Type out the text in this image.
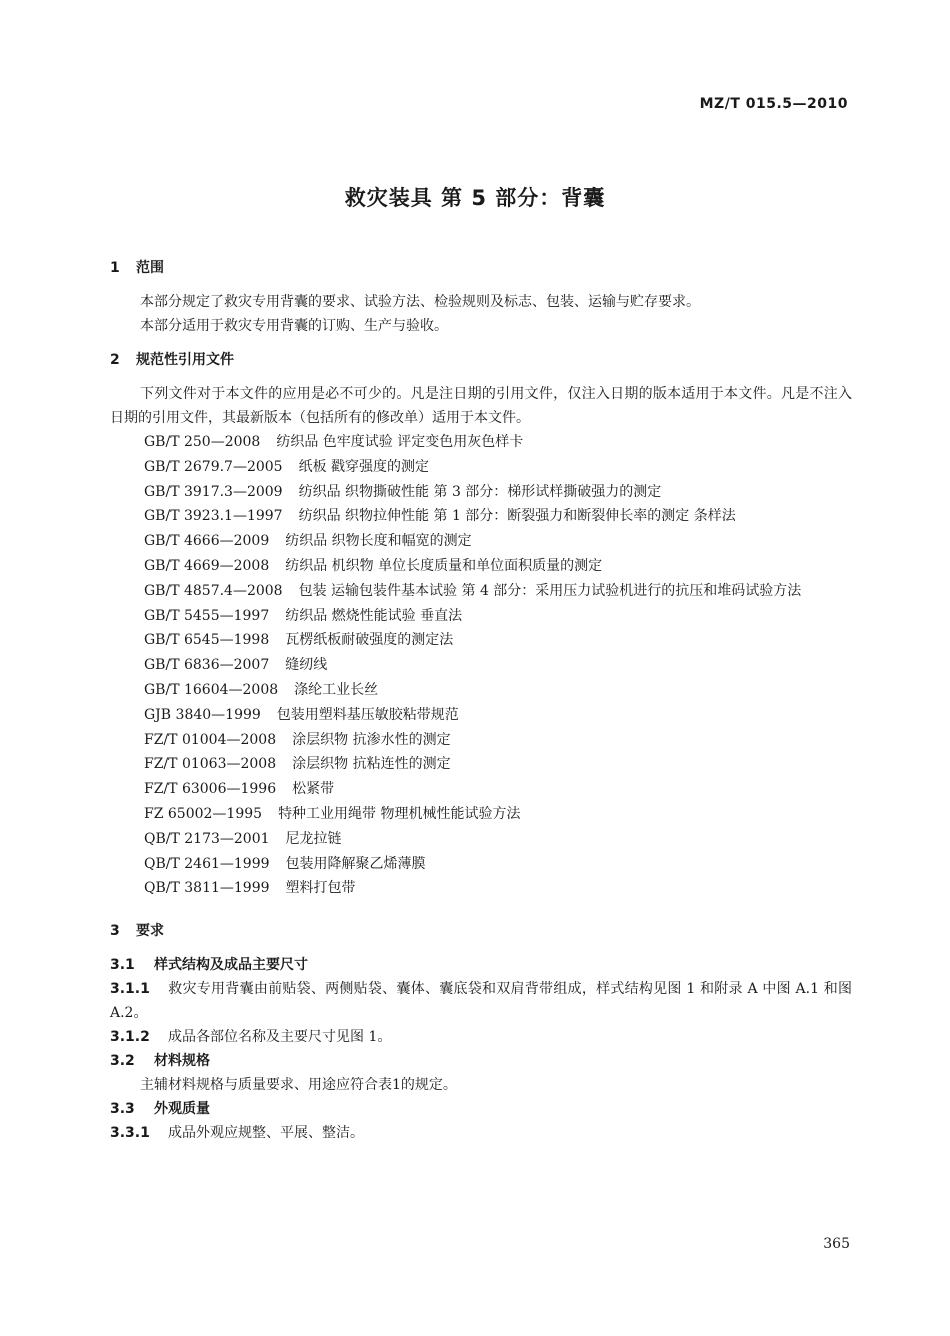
MZ/T 015.5—2010
救灾装具 第 5 部分：背囊

1 范围

本部分规定了救灾专用背囊的要求、试验方法、检验规则及标志、包装、运输与贮存要求。

本部分适用于救灾专用背囊的订购、生产与验收。

2 规范性引用文件

下列文件对于本文件的应用是必不可少的。凡是注日期的引用文件，仅注入日期的版本适用于本文件。凡是不注入日期的引用文件，其最新版本（包括所有的修改单）适用于本文件。

GB/T 250—2008 纺织品 色牢度试验 评定变色用灰色样卡

GB/T 2679.7—2005 纸板 戳穿强度的测定

GB/T 3917.3—2009 纺织品 织物撕破性能 第 3 部分：梯形试样撕破强力的测定

GB/T 3923.1—1997 纺织品 织物拉伸性能 第 1 部分：断裂强力和断裂伸长率的测定 条样法

GB/T 4666—2009 纺织品 织物长度和幅宽的测定

GB/T 4669—2008 纺织品 机织物 单位长度质量和单位面积质量的测定

GB/T 4857.4—2008 包装 运输包装件基本试验 第 4 部分：采用压力试验机进行的抗压和堆码试验方法

GB/T 5455—1997 纺织品 燃烧性能试验 垂直法

GB/T 6545—1998 瓦楞纸板耐破强度的测定法

GB/T 6836—2007 缝纫线

GB/T 16604—2008 涤纶工业长丝

GJB 3840—1999 包装用塑料基压敏胶粘带规范

FZ/T 01004—2008 涂层织物 抗渗水性的测定

FZ/T 01063—2008 涂层织物 抗粘连性的测定

FZ/T 63006—1996 松紧带

FZ 65002—1995 特种工业用绳带 物理机械性能试验方法

QB/T 2173—2001 尼龙拉链

QB/T 2461—1999 包装用降解聚乙烯薄膜

QB/T 3811—1999 塑料打包带

3 要求

3.1 样式结构及成品主要尺寸

3.1.1 救灾专用背囊由前贴袋、两侧贴袋、囊体、囊底袋和双肩背带组成，样式结构见图 1 和附录 A 中图 A.1 和图 A.2。

3.1.2 成品各部位名称及主要尺寸见图 1。

3.2 材料规格

主辅材料规格与质量要求、用途应符合表1的规定。

3.3 外观质量

3.3.1 成品外观应规整、平展、整洁。

365
